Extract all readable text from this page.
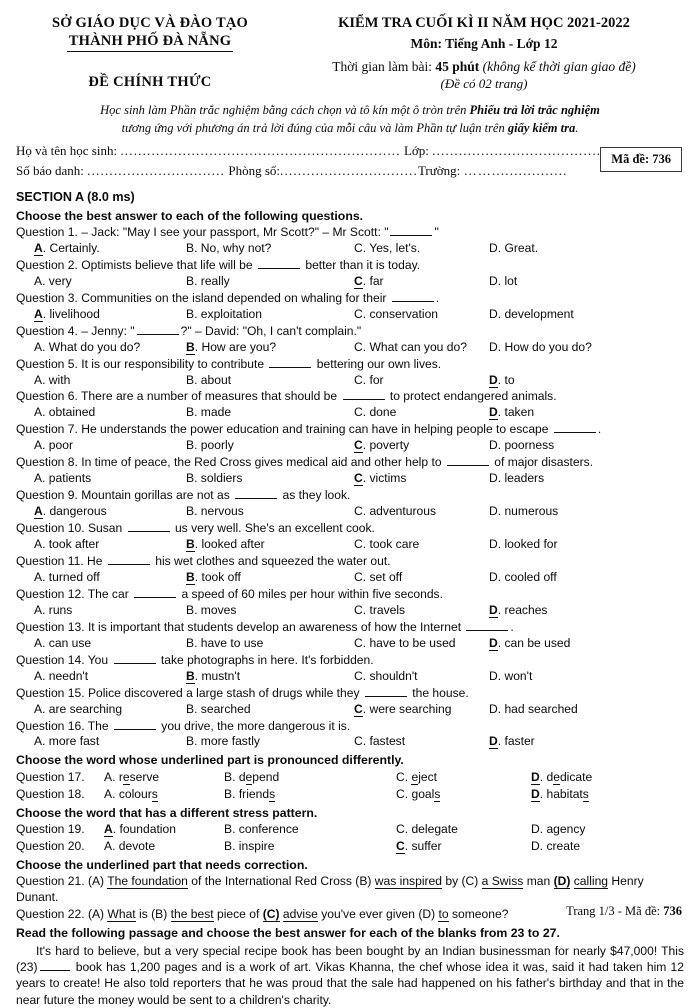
SỞ GIÁO DỤC VÀ ĐÀO TẠO
THÀNH PHỐ ĐÀ NẴNG
ĐỀ CHÍNH THỨC
KIỂM TRA CUỐI KÌ II NĂM HỌC 2021-2022
Môn: Tiếng Anh - Lớp 12
Thời gian làm bài: 45 phút (không kể thời gian giao đề)
(Đề có 02 trang)
Học sinh làm Phần trắc nghiệm bằng cách chọn và tô kín một ô tròn trên Phiếu trả lời trắc nghiệm
tương ứng với phương án trả lời đúng của mỗi câu và làm Phần tự luận trên giấy kiểm tra.
Họ và tên học sinh: ............................................................... Lớp: ......................................
Số báo danh: ............................... Phòng số:...............................Trường: …….................
Mã đề: 736
SECTION A (8.0 ms)
Choose the best answer to each of the following questions.
Question 1. – Jack: "May I see your passport, Mr Scott?" – Mr Scott: "	"
A. Certainly.	B. No, why not?	C. Yes, let's.	D. Great.
Question 2. Optimists believe that life will be	better than it is today.
A. very	B. really	C. far	D. lot
Question 3. Communities on the island depended on whaling for their	.
A. livelihood	B. exploitation	C. conservation	D. development
Question 4. – Jenny: "	?" – David: "Oh, I can't complain."
A. What do you do?	B. How are you?	C. What can you do?	D. How do you do?
Question 5. It is our responsibility to contribute	bettering our own lives.
A. with	B. about	C. for	D. to
Question 6. There are a number of measures that should be	to protect endangered animals.
A. obtained	B. made	C. done	D. taken
Question 7. He understands the power education and training can have in helping people to escape	.
A. poor	B. poorly	C. poverty	D. poorness
Question 8. In time of peace, the Red Cross gives medical aid and other help to	of major disasters.
A. patients	B. soldiers	C. victims	D. leaders
Question 9. Mountain gorillas are not as	as they look.
A. dangerous	B. nervous	C. adventurous	D. numerous
Question 10. Susan	us very well. She's an excellent cook.
A. took after	B. looked after	C. took care	D. looked for
Question 11. He	his wet clothes and squeezed the water out.
A. turned off	B. took off	C. set off	D. cooled off
Question 12. The car	a speed of 60 miles per hour within five seconds.
A. runs	B. moves	C. travels	D. reaches
Question 13. It is important that students develop an awareness of how the Internet	.
A. can use	B. have to use	C. have to be used	D. can be used
Question 14. You	take photographs in here. It's forbidden.
A. needn't	B. mustn't	C. shouldn't	D. won't
Question 15. Police discovered a large stash of drugs while they	the house.
A. are searching	B. searched	C. were searching	D. had searched
Question 16. The	you drive, the more dangerous it is.
A. more fast	B. more fastly	C. fastest	D. faster
Choose the word whose underlined part is pronounced differently.
Question 17.	A. reserve	B. depend	C. eject	D. dedicate
Question 18.	A. colours	B. friends	C. goals	D. habitats
Choose the word that has a different stress pattern.
Question 19.	A. foundation	B. conference	C. delegate	D. agency
Question 20.	A. devote	B. inspire	C. suffer	D. create
Choose the underlined part that needs correction.
Question 21. (A) The foundation of the International Red Cross (B) was inspired by (C) a Swiss man (D) calling Henry Dunant.
Question 22. (A) What is (B) the best piece of (C) advise you've ever given (D) to someone?
Read the following passage and choose the best answer for each of the blanks from 23 to 27.
It's hard to believe, but a very special recipe book has been bought by an Indian businessman for nearly $47,000! This (23)	book has 1,200 pages and is a work of art. Vikas Khanna, the chef whose idea it was, said it had taken him 12 years to create! He also told reporters that he was proud that the sale had happened on his father's birthday and that in the near future the money would be sent to a children's charity.
Trang 1/3 - Mã đề: 736
